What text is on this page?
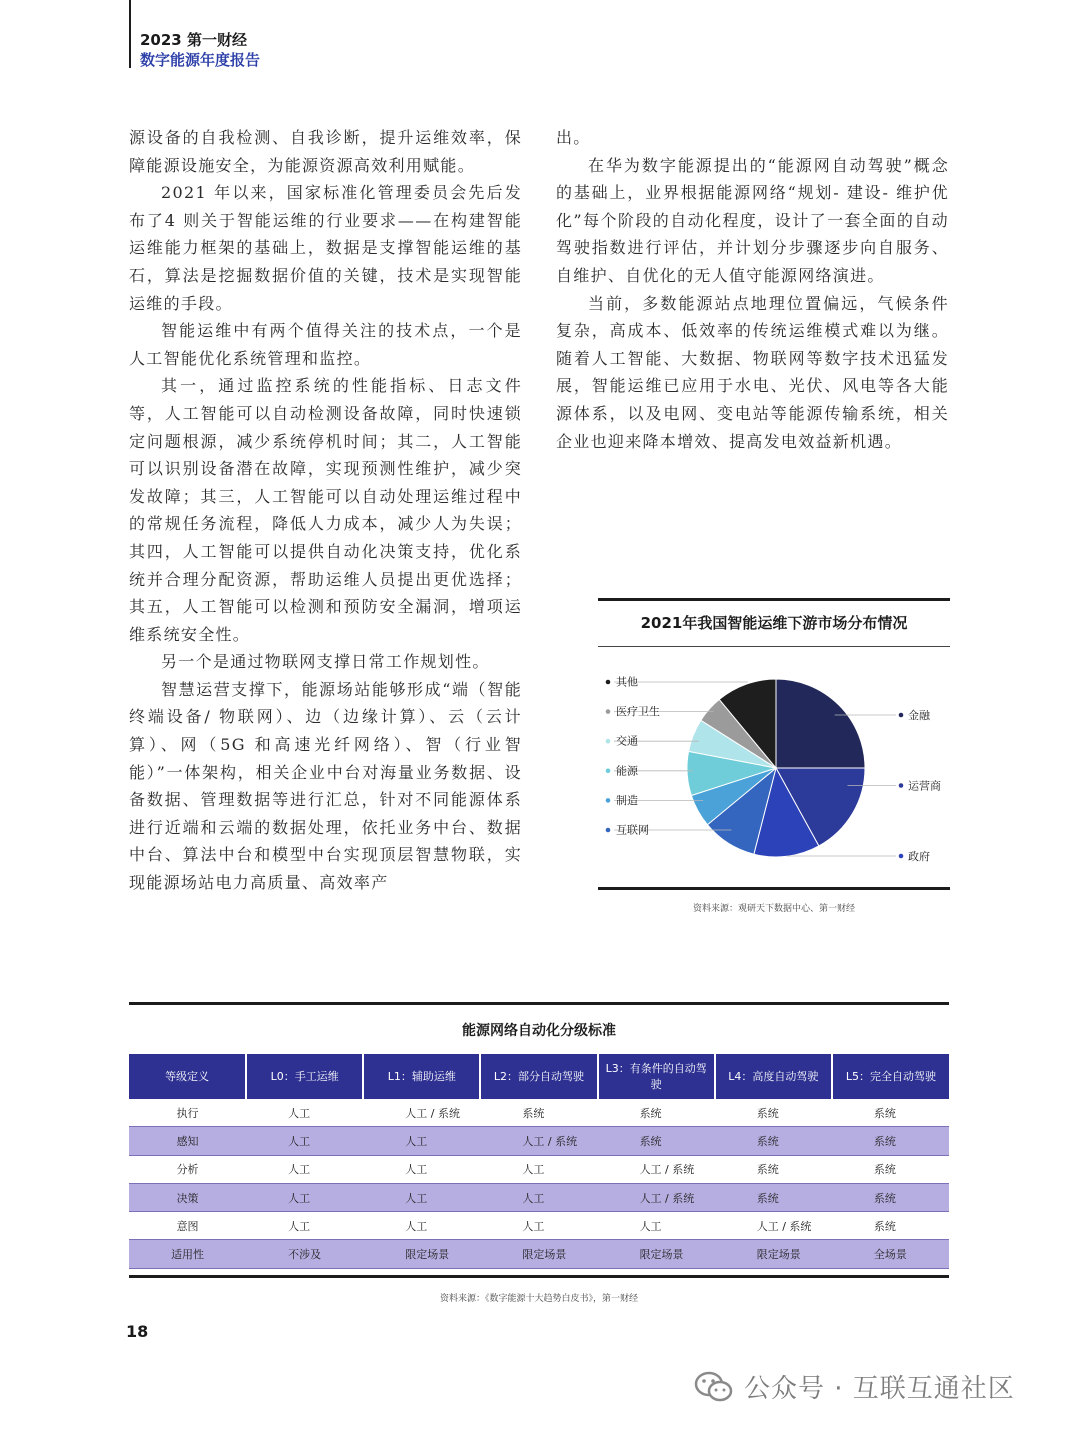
2023 第一财经
数字能源年度报告

源设备的自我检测、自我诊断，提升运维效率，保障能源设施安全，为能源资源高效利用赋能。

2021 年以来，国家标准化管理委员会先后发布了4 则关于智能运维的行业要求——在构建智能运维能力框架的基础上，数据是支撑智能运维的基石，算法是挖掘数据价值的关键，技术是实现智能运维的手段。

智能运维中有两个值得关注的技术点，一个是人工智能优化系统管理和监控。

其一，通过监控系统的性能指标、日志文件等，人工智能可以自动检测设备故障，同时快速锁定问题根源，减少系统停机时间；其二，人工智能可以识别设备潜在故障，实现预测性维护，减少突发故障；其三，人工智能可以自动处理运维过程中的常规任务流程，降低人力成本，减少人为失误；其四，人工智能可以提供自动化决策支持，优化系统并合理分配资源，帮助运维人员提出更优选择；其五，人工智能可以检测和预防安全漏洞，增项运维系统安全性。

另一个是通过物联网支撑日常工作规划性。

智慧运营支撑下，能源场站能够形成“端（智能终端设备/ 物联网）、边（边缘计算）、云（云计算）、网（5G 和高速光纤网络）、智（行业智能）”一体架构，相关企业中台对海量业务数据、设备数据、管理数据等进行汇总，针对不同能源体系进行近端和云端的数据处理，依托业务中台、数据中台、算法中台和模型中台实现顶层智慧物联，实现能源场站电力高质量、高效率产

出。

在华为数字能源提出的“能源网自动驾驶”概念的基础上，业界根据能源网络“规划- 建设- 维护优化”每个阶段的自动化程度，设计了一套全面的自动驾驶指数进行评估，并计划分步骤逐步向自服务、自维护、自优化的无人值守能源网络演进。

当前，多数能源站点地理位置偏远，气候条件复杂，高成本、低效率的传统运维模式难以为继。随着人工智能、大数据、物联网等数字技术迅猛发展，智能运维已应用于水电、光伏、风电等各大能源体系，以及电网、变电站等能源传输系统，相关企业也迎来降本增效、提高发电效益新机遇。

2021年我国智能运维下游市场分布情况
金融
运营商
政府
其他
医疗卫生
交通
能源
制造
互联网
资料来源：观研天下数据中心、第一财经
能源网络自动化分级标准
等级定义	L0：手工运维	L1：辅助运维	L2：部分自动驾驶	L3：有条件的自动驾驶	L4：高度自动驾驶	L5：完全自动驾驶
执行	人工	人工 / 系统	系统	系统	系统	系统
感知	人工	人工	人工 / 系统	系统	系统	系统
分析	人工	人工	人工	人工 / 系统	系统	系统
决策	人工	人工	人工	人工 / 系统	系统	系统
意图	人工	人工	人工	人工	人工 / 系统	系统
适用性	不涉及	限定场景	限定场景	限定场景	限定场景	全场景
资料来源：《数字能源十大趋势白皮书》，第一财经
18
公众号 · 互联互通社区
